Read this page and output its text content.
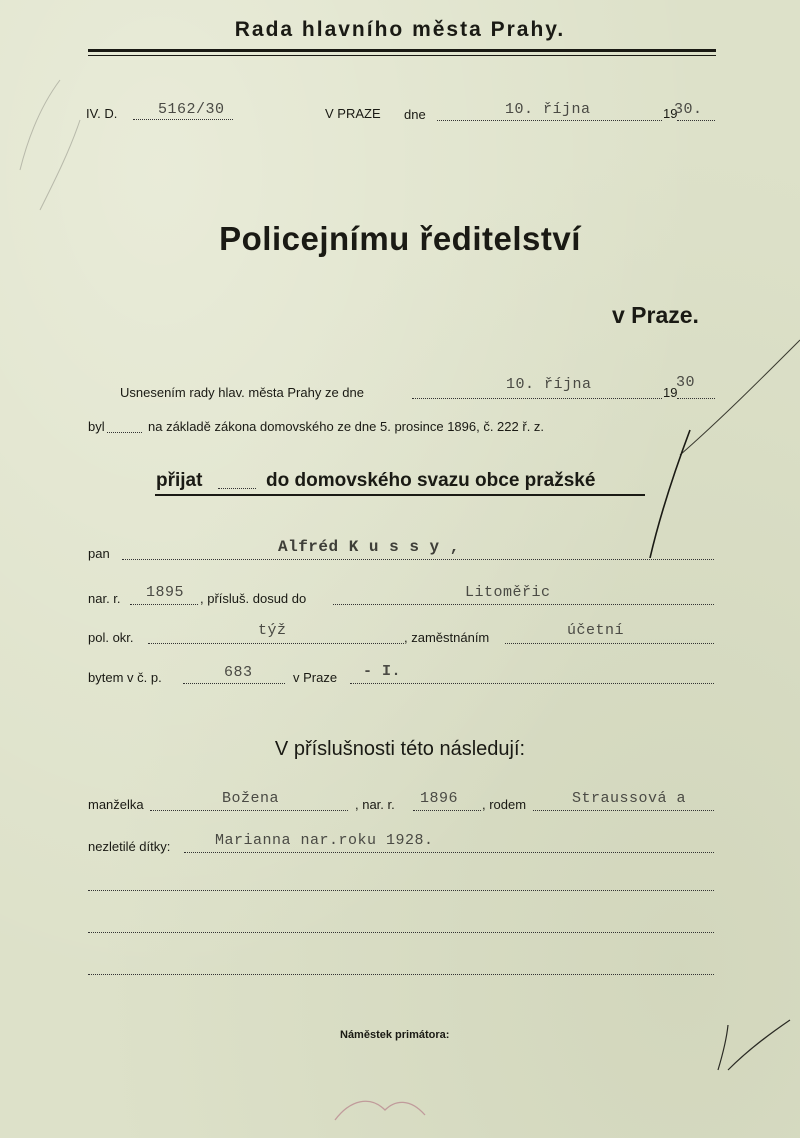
Rada hlavního města Prahy.
IV. D.	5162/30	V PRAZE dne	10. října	19
30.
Policejnímu ředitelství
v Praze.
Usnesením rady hlav. města Prahy ze dne	10. října	19
30
byl	na základě zákona domovského ze dne 5. prosince 1896, č. 222 ř. z.
přijat	do domovského svazu obce pražské
pan	Alfréd K u s s y ,
nar. r. 1895 , přísluš. dosud do	Litoměřic
pol. okr.	týž	, zaměstnáním	účetní
bytem v č. p.	683	v Praze - I.
V příslušnosti této následují:
manželka	Božena	, nar. r. 1896 , rodem	Straussová a
nezletilé dítky:	Marianna nar.roku 1928.
Náměstek primátora:
